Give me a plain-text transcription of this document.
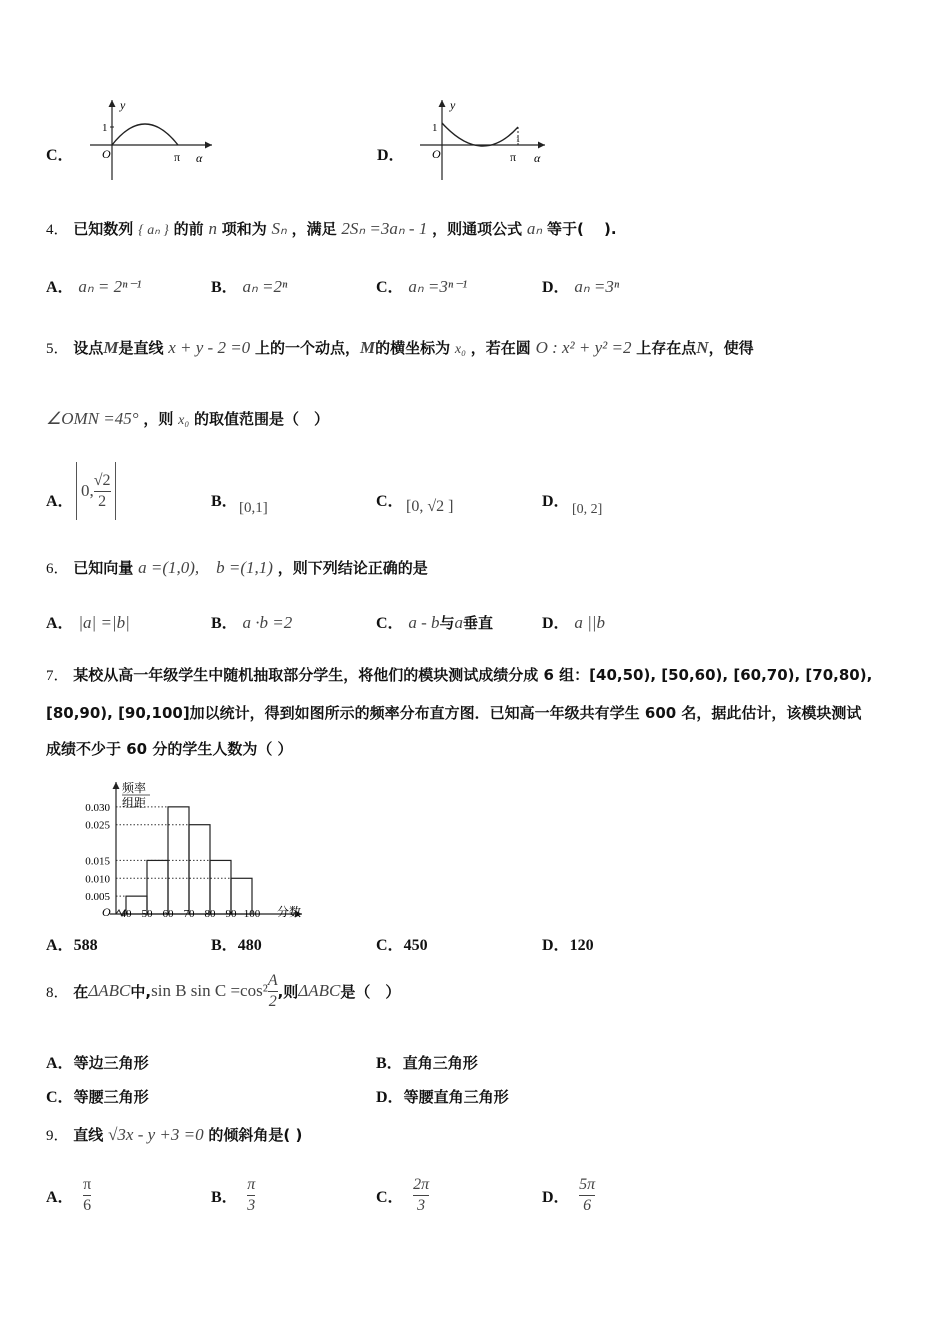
C．
y
1
O	π α	D．
y
1
O	π
1
α
4． 已知数列 { aₙ } 的前 n 项和为 Sₙ ，满足 2Sₙ =3aₙ - 1 ，则通项公式 aₙ 等于(　 ).
A． aₙ = 2ⁿ⁻¹	B． aₙ =2ⁿ	C． aₙ =3ⁿ⁻¹	D． aₙ =3ⁿ
5． 设点M是直线 x + y - 2 =0 上的一个动点，M的横坐标为 x₀ ，若在圆 O : x² + y² =2 上存在点N，使得
∠OMN =45° ，则 x₀ 的取值范围是（　）
A．
0, $\frac{√2}{2}$	B． [0,1]	C． [0, √2 ]	D． [0, 2]
6． 已知向量 a =(1,0),　b =(1,1) ，则下列结论正确的是
A． |a| =|b|	B． a ·b =2	C． a - b与a垂直	D． a ||b
7． 某校从高一年级学生中随机抽取部分学生，将他们的模块测试成绩分成 6 组：[40,50), [50,60), [60,70), [70,80),
[80,90), [90,100]加以统计，得到如图所示的频率分布直方图．已知高一年级共有学生 600 名，据此估计，该模块测试
成绩不少于 60 分的学生人数为（ ）
频率
组距
O	分数
0.030
0.025
0.015
0.010
0.005
40 50 60 70 80 90 100
A．588	B．480	C．450	D．120
8．
在 ΔABC 中, sin B $\sin C =\cos^2 \frac{A}{2}$ ,则 ΔABC 是（　）
A．等边三角形	B．直角三角形
C．等腰三角形	D．等腰直角三角形
9． 直线 √3x - y +3 =0 的倾斜角是( )
A．
$\frac{\pi}{6}$	B．
$\frac{\pi}{3}$	C．
$\frac{2\pi}{3}$	D．
$\frac{5\pi}{6}$
